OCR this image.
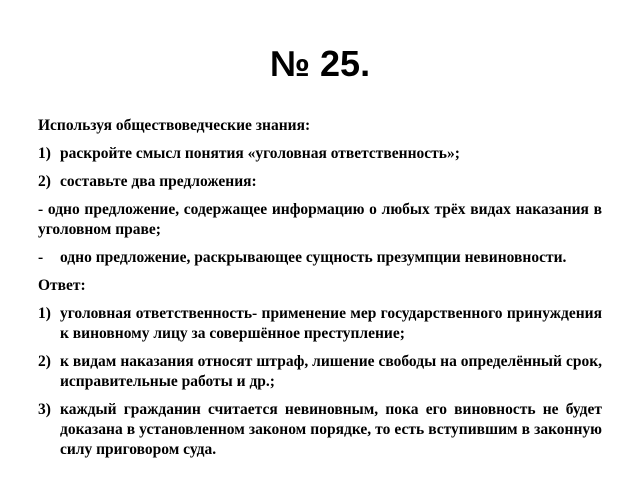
№ 25.
Используя обществоведческие знания:
1) раскройте смысл понятия «уголовная ответственность»;
2) составьте два предложения:
- одно предложение, содержащее информацию о любых трёх видах наказания в уголовном праве;
-	одно предложение, раскрывающее сущность презумпции невиновности.
Ответ:
1) уголовная ответственность- применение мер государственного принуждения к виновному лицу за совершённое преступление;
2) к видам наказания относят штраф, лишение свободы на определённый срок, исправительные работы и др.;
3) каждый гражданин считается невиновным, пока его виновность не будет доказана в установленном законом порядке, то есть вступившим в законную силу приговором суда.
